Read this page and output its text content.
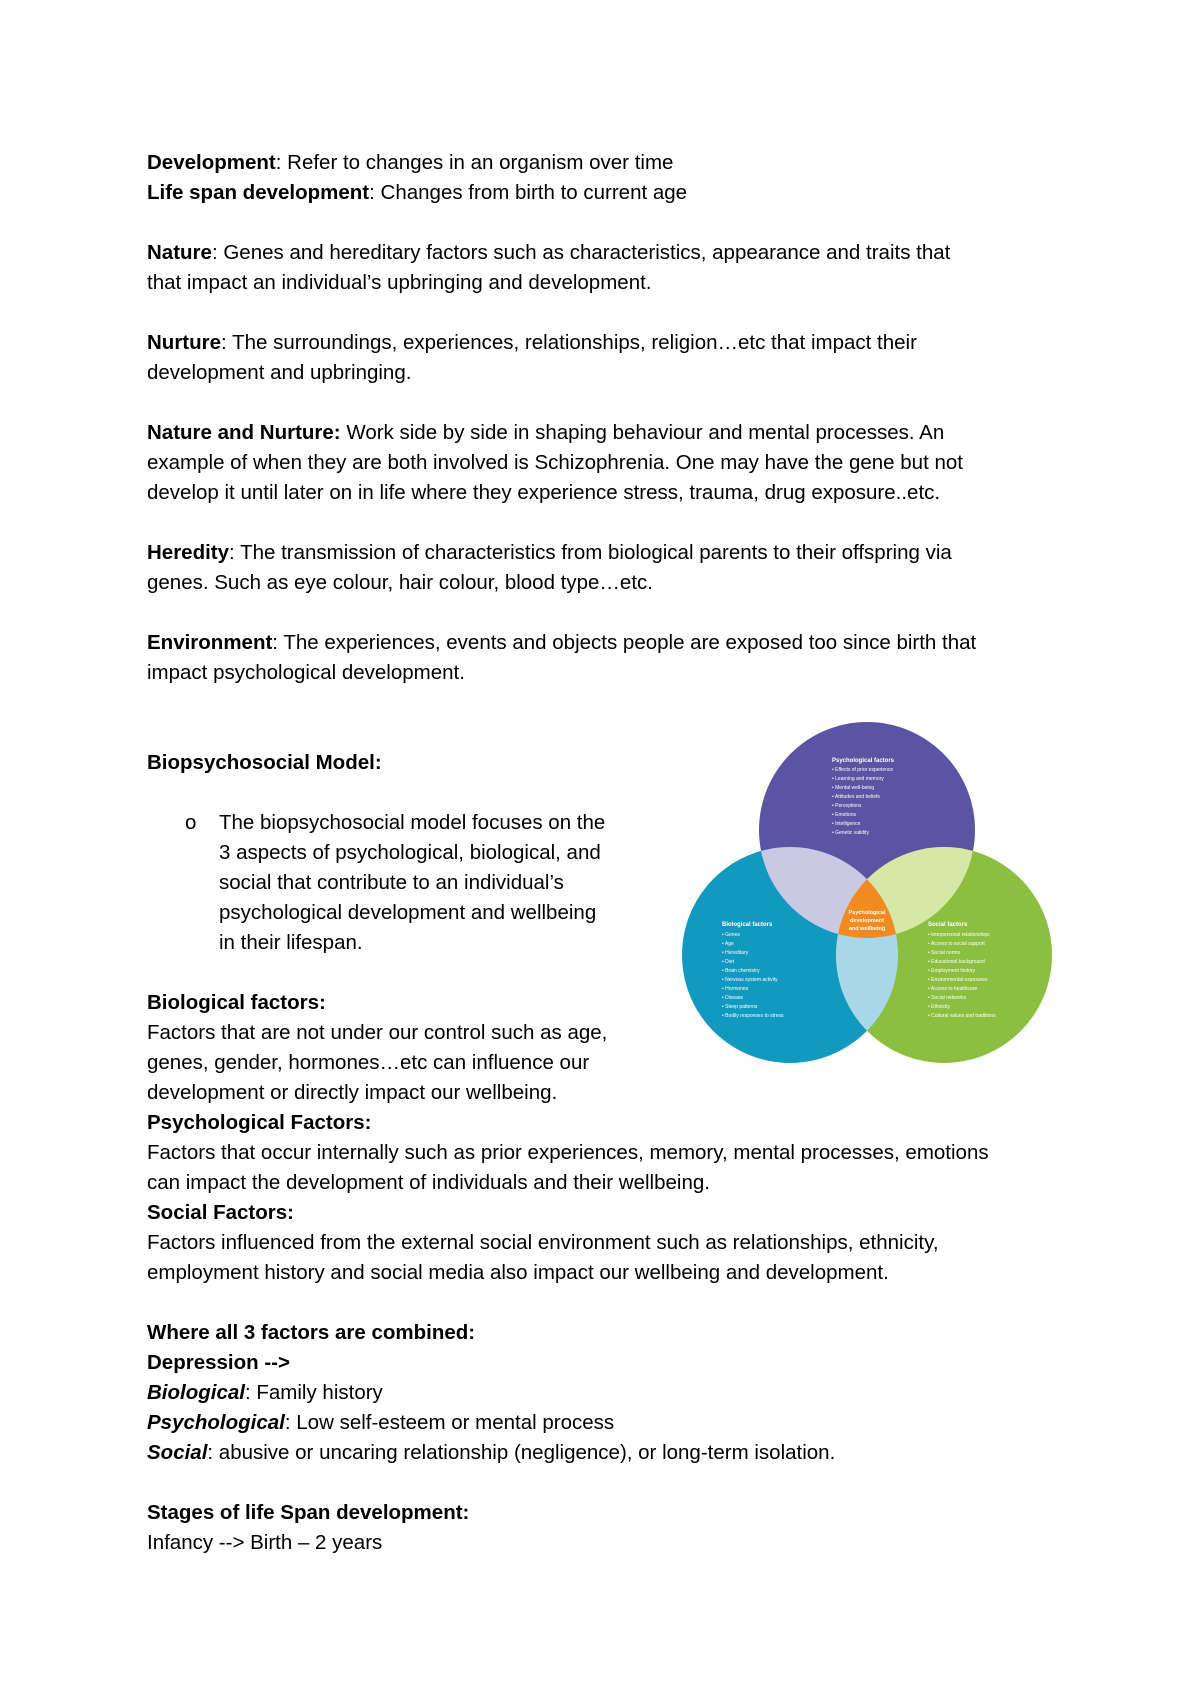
Development: Refer to changes in an organism over time

Life span development: Changes from birth to current age

Nature: Genes and hereditary factors such as characteristics, appearance and traits that

that impact an individual’s upbringing and development.

Nurture: The surroundings, experiences, relationships, religion…etc that impact their

development and upbringing.

Nature and Nurture: Work side by side in shaping behaviour and mental processes. An

example of when they are both involved is Schizophrenia. One may have the gene but not

develop it until later on in life where they experience stress, trauma, drug exposure..etc.

Heredity: The transmission of characteristics from biological parents to their offspring via

genes. Such as eye colour, hair colour, blood type…etc.

Environment: The experiences, events and objects people are exposed too since birth that

impact psychological development.

Biopsychosocial Model:

o The biopsychosocial model focuses on the

3 aspects of psychological, biological, and

social that contribute to an individual’s

psychological development and wellbeing

in their lifespan.

Biological factors:

Factors that are not under our control such as age,

genes, gender, hormones…etc can influence our

development or directly impact our wellbeing.

Psychological Factors:

Factors that occur internally such as prior experiences, memory, mental processes, emotions

can impact the development of individuals and their wellbeing.

Social Factors:

Factors influenced from the external social environment such as relationships, ethnicity,

employment history and social media also impact our wellbeing and development.

Where all 3 factors are combined:

Depression -->

Biological: Family history

Psychological: Low self-esteem or mental process

Social: abusive or uncaring relationship (negligence), or long-term isolation.

Stages of life Span development:

Infancy --> Birth – 2 years

Psychological factors
• Effects of prior experience
• Learning and memory
• Mental well-being
• Attitudes and beliefs
• Perceptions
• Emotions
• Intelligence
• Genetic validity
Biological factors
• Genes
• Age
• Hereditary
• Diet
• Brain chemistry
• Nervous system activity
• Hormones
• Disease
• Sleep patterns
• Bodily responses to stress
Social factors
• Interpersonal relationships
• Access to social support
• Social norms
• Educational background
• Employment history
• Environmental exposures
• Access to healthcare
• Social networks
• Ethnicity
• Cultural values and traditions
Psychological
development
and wellbeing
